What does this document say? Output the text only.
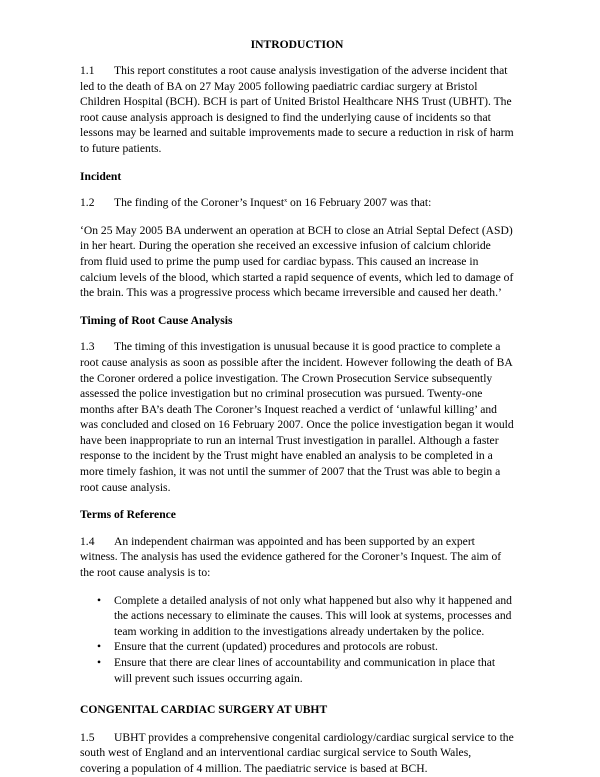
INTRODUCTION
1.1 This report constitutes a root cause analysis investigation of the adverse incident that led to the death of BA on 27 May 2005 following paediatric cardiac surgery at Bristol Children Hospital (BCH). BCH is part of United Bristol Healthcare NHS Trust (UBHT). The root cause analysis approach is designed to find the underlying cause of incidents so that lessons may be learned and suitable improvements made to secure a reduction in risk of harm to future patients.
Incident
1.2 The finding of the Coroner’s Inquest$^x$ on 16 February 2007 was that:
‘On 25 May 2005 BA underwent an operation at BCH to close an Atrial Septal Defect (ASD) in her heart. During the operation she received an excessive infusion of calcium chloride from fluid used to prime the pump used for cardiac bypass. This caused an increase in calcium levels of the blood, which started a rapid sequence of events, which led to damage of the brain. This was a progressive process which became irreversible and caused her death.’
Timing of Root Cause Analysis
1.3 The timing of this investigation is unusual because it is good practice to complete a root cause analysis as soon as possible after the incident. However following the death of BA the Coroner ordered a police investigation. The Crown Prosecution Service subsequently assessed the police investigation but no criminal prosecution was pursued. Twenty-one months after BA’s death The Coroner’s Inquest reached a verdict of ‘unlawful killing’ and was concluded and closed on 16 February 2007. Once the police investigation began it would have been inappropriate to run an internal Trust investigation in parallel. Although a faster response to the incident by the Trust might have enabled an analysis to be completed in a more timely fashion, it was not until the summer of 2007 that the Trust was able to begin a root cause analysis.
Terms of Reference
1.4 An independent chairman was appointed and has been supported by an expert witness. The analysis has used the evidence gathered for the Coroner’s Inquest. The aim of the root cause analysis is to:
• Complete a detailed analysis of not only what happened but also why it happened and the actions necessary to eliminate the causes. This will look at systems, processes and team working in addition to the investigations already undertaken by the police.
• Ensure that the current (updated) procedures and protocols are robust.
• Ensure that there are clear lines of accountability and communication in place that will prevent such issues occurring again.
CONGENITAL CARDIAC SURGERY AT UBHT
1.5 UBHT provides a comprehensive congenital cardiology/cardiac surgical service to the south west of England and an interventional cardiac surgical service to South Wales, covering a population of 4 million. The paediatric service is based at BCH.
